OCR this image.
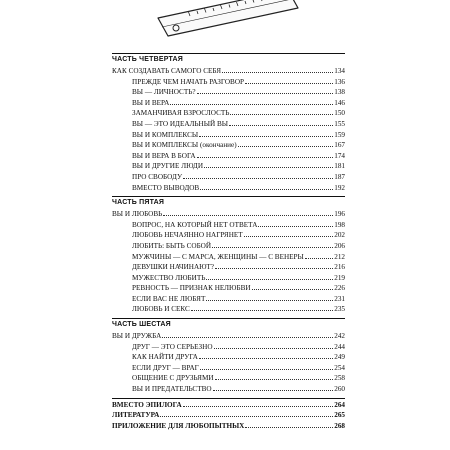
ЧАСТЬ ЧЕТВЕРТАЯ
КАК СОЗДАВАТЬ САМОГО СЕБЯ	134
ПРЕЖДЕ ЧЕМ НАЧАТЬ РАЗГОВОР	136
ВЫ — ЛИЧНОСТЬ?	138
ВЫ И ВЕРА	146
ЗАМАНЧИВАЯ ВЗРОСЛОСТЬ	150
ВЫ — ЭТО ИДЕАЛЬНЫЙ ВЫ	155
ВЫ И КОМПЛЕКСЫ	159
ВЫ И КОМПЛЕКСЫ (окончание)	167
ВЫ И ВЕРА В БОГА	174
ВЫ И ДРУГИЕ ЛЮДИ	181
ПРО СВОБОДУ	187
ВМЕСТО ВЫВОДОВ	192
ЧАСТЬ ПЯТАЯ
ВЫ И ЛЮБОВЬ	196
ВОПРОС, НА КОТОРЫЙ НЕТ ОТВЕТА	198
ЛЮБОВЬ НЕЧАЯННО НАГРЯНЕТ	202
ЛЮБИТЬ: БЫТЬ СОБОЙ	206
МУЖЧИНЫ — С МАРСА, ЖЕНЩИНЫ — С ВЕНЕРЫ	212
ДЕВУШКИ НАЧИНАЮТ?	216
МУЖЕСТВО ЛЮБИТЬ	219
РЕВНОСТЬ — ПРИЗНАК НЕЛЮБВИ	226
ЕСЛИ ВАС НЕ ЛЮБЯТ	231
ЛЮБОВЬ И СЕКС	235
ЧАСТЬ ШЕСТАЯ
ВЫ И ДРУЖБА	242
ДРУГ — ЭТО СЕРЬЕЗНО	244
КАК НАЙТИ ДРУГА	249
ЕСЛИ ДРУГ — ВРАГ	254
ОБЩЕНИЕ С ДРУЗЬЯМИ	258
ВЫ И ПРЕДАТЕЛЬСТВО	260
ВМЕСТО ЭПИЛОГА	264
ЛИТЕРАТУРА	265
ПРИЛОЖЕНИЕ ДЛЯ ЛЮБОПЫТНЫХ	268
